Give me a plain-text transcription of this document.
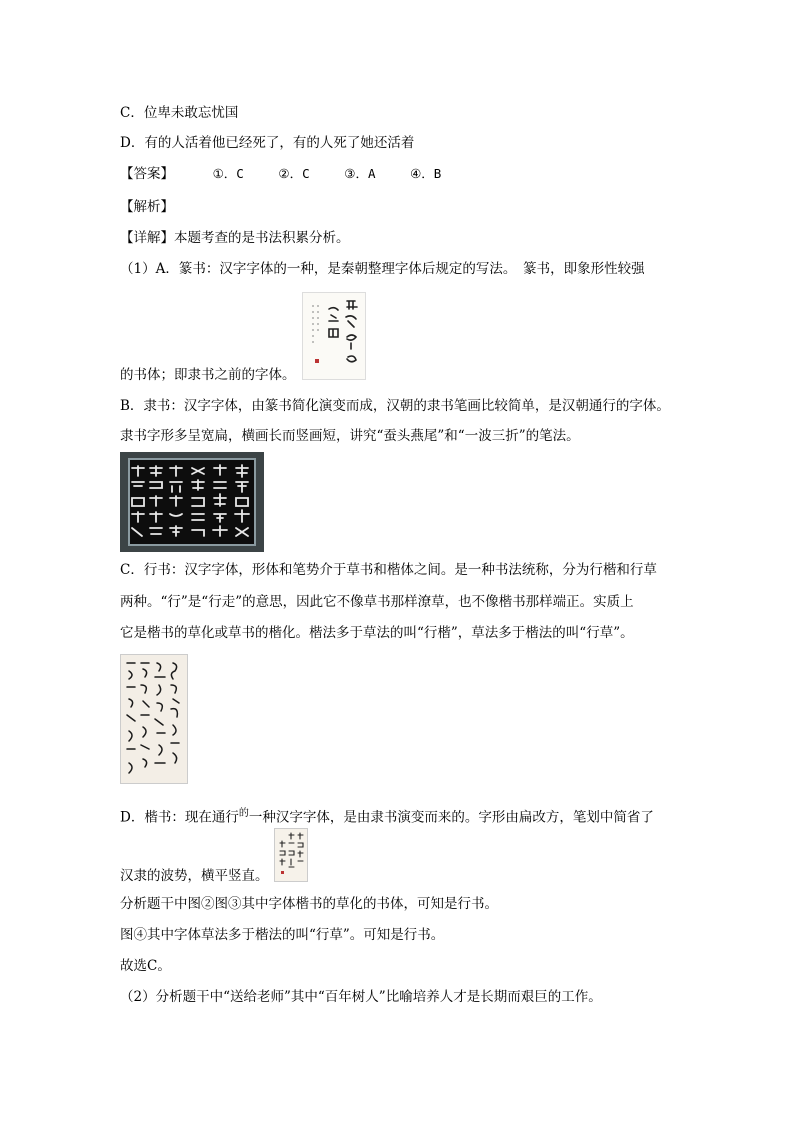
C．位卑未敢忘忧国
D．有的人活着他已经死了，有的人死了她还活着
【答案】	①．C	②．C	③．A	④．B
【解析】
【详解】本题考查的是书法积累分析。
（1）A．篆书：汉字字体的一种，是秦朝整理字体后规定的写法。　篆书，即象形性较强
的书体；即隶书之前的字体。
B．隶书：汉字字体，由篆书简化演变而成，汉朝的隶书笔画比较简单，是汉朝通行的字体。
隶书字形多呈宽扁，横画长而竖画短，讲究“蚕头燕尾”和“一波三折”的笔法。
C．行书：汉字字体，形体和笔势介于草书和楷体之间。是一种书法统称，分为行楷和行草
两种。“行”是“行走”的意思，因此它不像草书那样潦草，也不像楷书那样端正。实质上
它是楷书的草化或草书的楷化。楷法多于草法的叫“行楷”，草法多于楷法的叫“行草”。
D．楷书：现在通行$^的$一种汉字字体，是由隶书演变而来的。字形由扁改方，笔划中简省了
汉隶的波势，横平竖直。
分析题干中图②图③其中字体楷书的草化的书体，可知是行书。
图④其中字体草法多于楷法的叫“行草”。可知是行书。
故选C。
（2）分析题干中“送给老师”其中“百年树人”比喻培养人才是长期而艰巨的工作。
